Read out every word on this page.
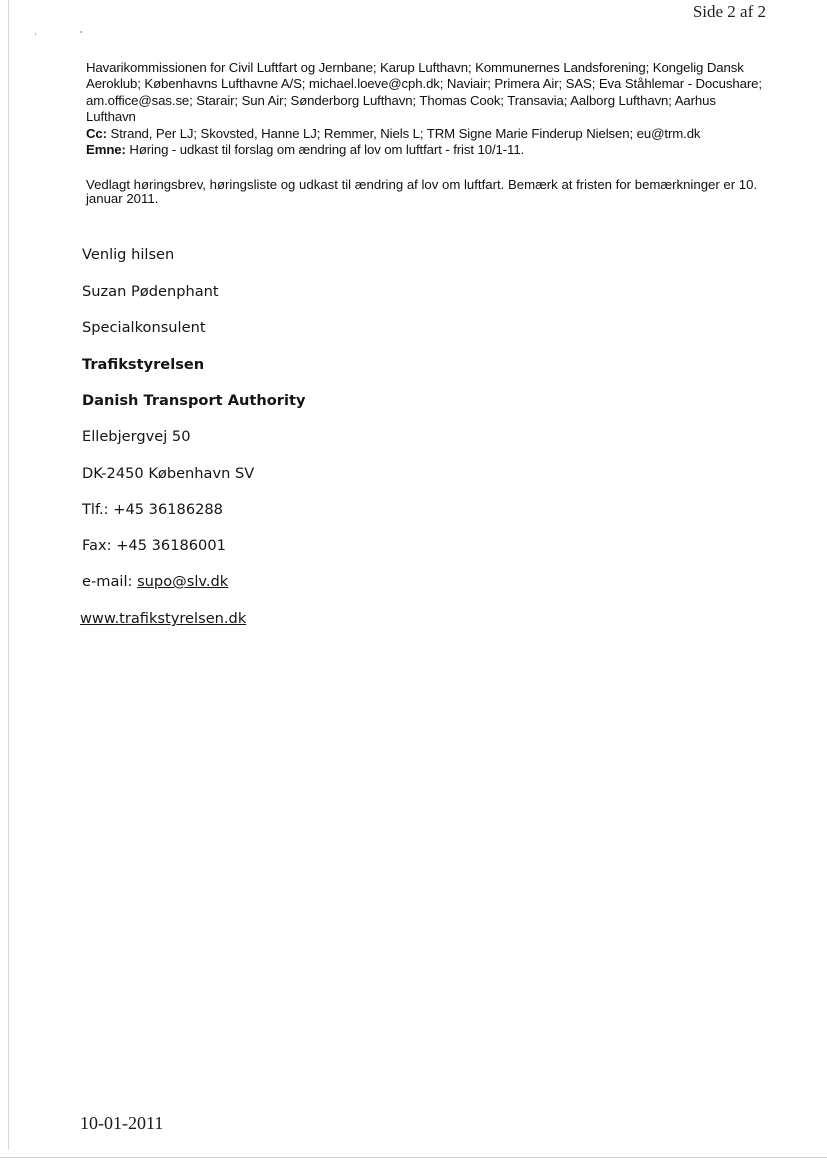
Side 2 af 2

Havarikommissionen for Civil Luftfart og Jernbane; Karup Lufthavn; Kommunernes Landsforening; Kongelig Dansk Aeroklub; Københavns Lufthavne A/S; michael.loeve@cph.dk; Naviair; Primera Air; SAS; Eva Ståhlemar - Docushare; am.office@sas.se; Starair; Sun Air; Sønderborg Lufthavn; Thomas Cook; Transavia; Aalborg Lufthavn; Aarhus Lufthavn

Cc: Strand, Per LJ; Skovsted, Hanne LJ; Remmer, Niels L; TRM Signe Marie Finderup Nielsen; eu@trm.dk

Emne: Høring - udkast til forslag om ændring af lov om luftfart - frist 10/1-11.

Vedlagt høringsbrev, høringsliste og udkast til ændring af lov om luftfart. Bemærk at fristen for bemærkninger er 10. januar 2011.
Venlig hilsen
Suzan Pødenphant
Specialkonsulent
Trafikstyrelsen
Danish Transport Authority
Ellebjergvej 50
DK-2450 København SV
Tlf.: +45 36186288
Fax: +45 36186001
e-mail: supo@slv.dk
www.trafikstyrelsen.dk
10-01-2011
